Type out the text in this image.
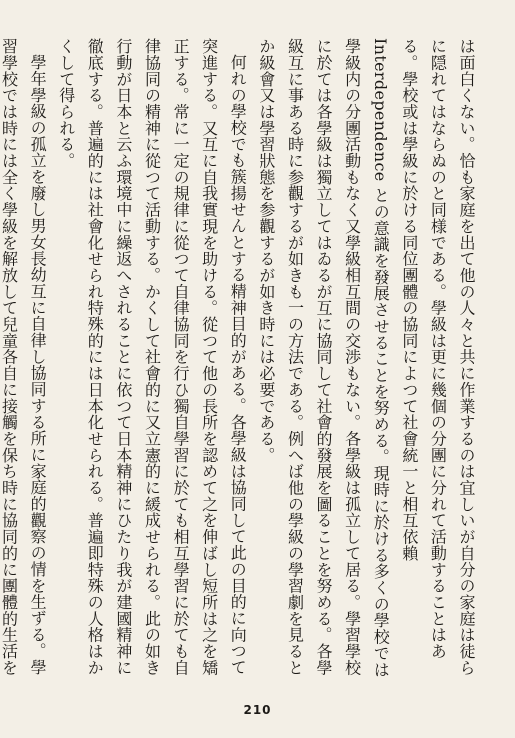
は面白くない。恰も家庭を出て他の人々と共に作業するのは宜しいが自分の家庭は徒らに隠れてはならぬのと同様である。學級は更に幾個の分團に分れて活動することはある。學校或は學級に於ける同位團體の協同によつて社會統一と相互依賴 Interdependence との意識を發展させることを努める。現時に於ける多くの學校では學級内の分團活動もなく又學級相互間の交渉もない。各學級は孤立して居る。學習學校に於ては各學級は獨立してはゐるが互に協同して社會的發展を圖ることを努める。各學級互に事ある時に参觀するが如きも一の方法である。例へば他の學級の學習劇を見るとか級會又は學習狀態を参觀するが如き時には必要である。

何れの學校でも簇揚せんとする精神目的がある。各學級は協同して此の目的に向つて突進する。又互に自我實現を助ける。從つて他の長所を認めて之を伸ばし短所は之を矯正する。常に一定の規律に從つて自律協同を行ひ獨自學習に於ても相互學習に於ても自律協同の精神に從つて活動する。かくして社會的に又立憲的に緩成せられる。此の如き行動が日本と云ふ環境中に繰返へされることに依つて日本精神にひたり我が建國精神に徹底する。普遍的には社會化せられ特殊的には日本化せられる。普遍即特殊の人格はかくして得られる。

學年學級の孤立を廢し男女長幼互に自律し協同する所に家庭的觀察の情を生ずる。學習學校では時には全く學級を解放して兒童各自に接觸を保ち時に協同的に團體的生活を

210
